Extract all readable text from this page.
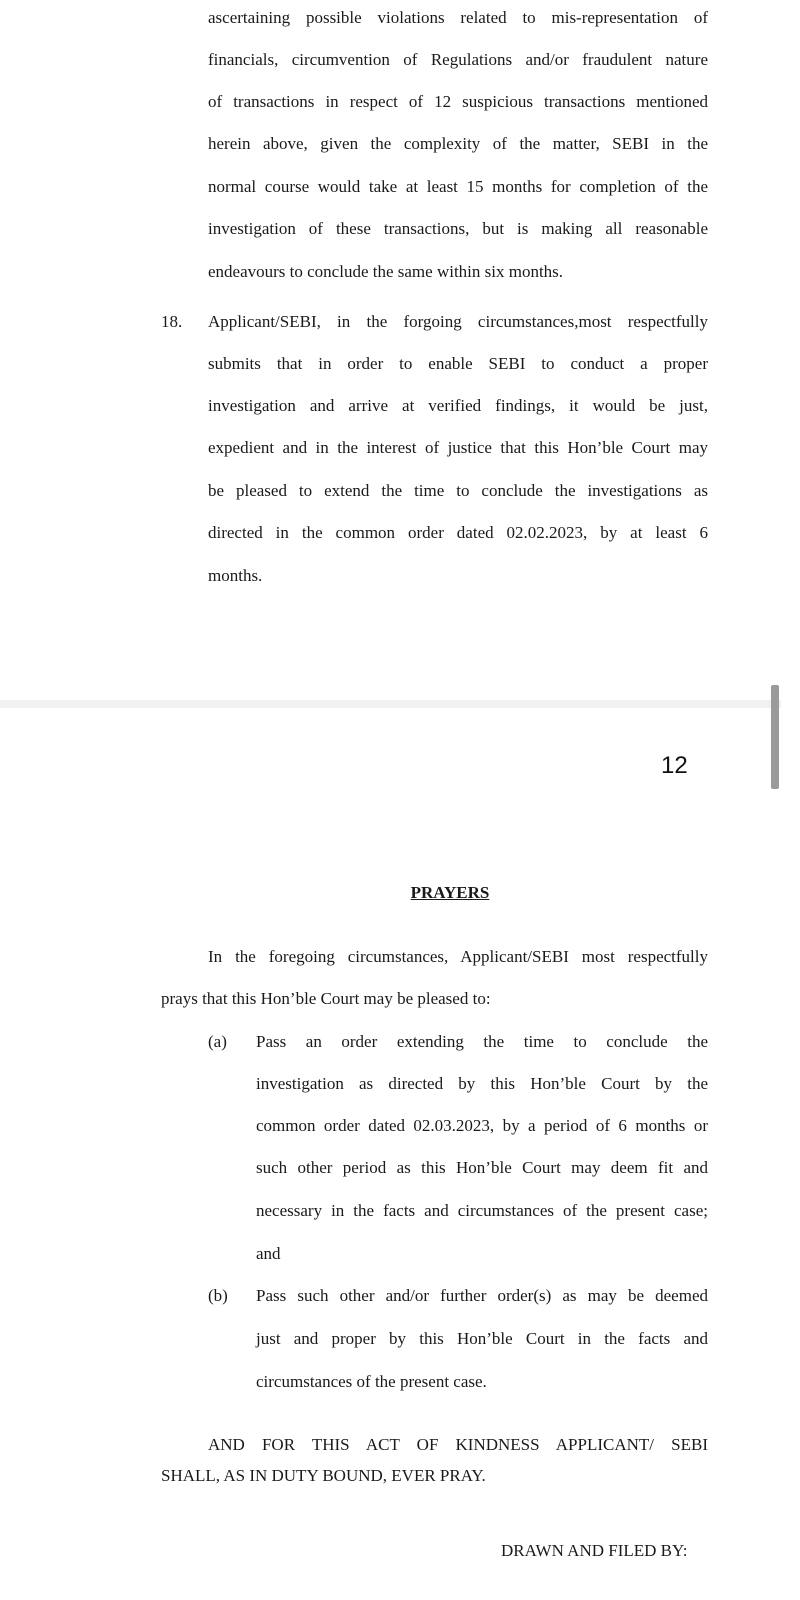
ascertaining possible violations related to mis-representation of
financials, circumvention of Regulations and/or fraudulent nature
of transactions in respect of 12 suspicious transactions mentioned
herein above, given the complexity of the matter, SEBI in the
normal course would take at least 15 months for completion of the
investigation of these transactions, but is making all reasonable
endeavours to conclude the same within six months.
18. Applicant/SEBI, in the forgoing circumstances,most respectfully
submits that in order to enable SEBI to conduct a proper
investigation and arrive at verified findings, it would be just,
expedient and in the interest of justice that this Hon’ble Court may
be pleased to extend the time to conclude the investigations as
directed in the common order dated 02.02.2023, by at least 6
months.
12
PRAYERS
In the foregoing circumstances, Applicant/SEBI most respectfully
prays that this Hon’ble Court may be pleased to:
(a) Pass an order extending the time to conclude the
investigation as directed by this Hon’ble Court by the
common order dated 02.03.2023, by a period of 6 months or
such other period as this Hon’ble Court may deem fit and
necessary in the facts and circumstances of the present case;
and
(b) Pass such other and/or further order(s) as may be deemed
just and proper by this Hon’ble Court in the facts and
circumstances of the present case.
AND FOR THIS ACT OF KINDNESS APPLICANT/ SEBI
SHALL, AS IN DUTY BOUND, EVER PRAY.
DRAWN AND FILED BY:
